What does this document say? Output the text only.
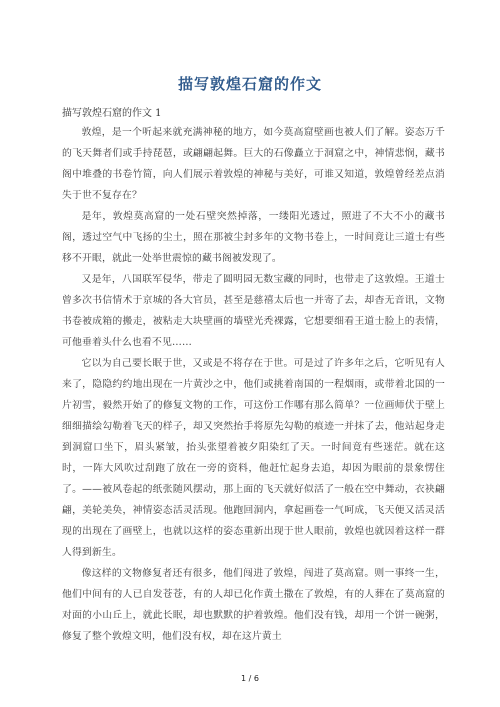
描写敦煌石窟的作文
描写敦煌石窟的作文 1

敦煌，是一个听起来就充满神秘的地方，如今莫高窟壁画也被人们了解。姿态万千的飞天舞者们或手持琵琶，或翩翩起舞。巨大的石像矗立于洞窟之中，神情悲悯，藏书阁中堆叠的书卷竹简，向人们展示着敦煌的神秘与美好，可谁又知道，敦煌曾经差点消失于世不复存在？

是年，敦煌莫高窟的一处石壁突然掉落，一缕阳光透过，照进了不大不小的藏书阁，透过空气中飞扬的尘土，照在那被尘封多年的文物书卷上，一时间竟让三道士有些移不开眼，就此一处举世震惊的藏书阁被发现了。

又是年，八国联军侵华，带走了圆明园无数宝藏的同时，也带走了这敦煌。王道士曾多次书信情术于京城的各大官员，甚至是慈禧太后也一并寄了去，却杳无音讯，文物书卷被成箱的搬走，被粘走大块壁画的墙壁光秃裸露，它想要细看王道士脸上的表情，可他垂着头什么也看不见……

它以为自己要长眠于世，又或是不将存在于世。可是过了许多年之后，它听见有人来了，隐隐约约地出现在一片黄沙之中，他们或挑着南国的一程烟雨，或带着北国的一片初雪，毅然开始了的修复文物的工作，可这份工作哪有那么简单？一位画师伏于壁上细细描绘勾勒着飞天的样子，却又突然抬手将原先勾勒的痕迹一并抹了去，他站起身走到洞窟口坐下，眉头紧皱，抬头张望着被夕阳染红了天。一时间竟有些迷茫。就在这时，一阵大风吹过刮跑了放在一旁的资料，他赶忙起身去追，却因为眼前的景象愣住了。——被风卷起的纸张随风摆动，那上面的飞天就好似活了一般在空中舞动，衣袂翩翩，美轮美奂，神情姿态活灵活现。他跑回洞内，拿起画卷一气呵成，飞天便又活灵活现的出现在了画壁上，也就以这样的姿态重新出现于世人眼前，敦煌也就因着这样一群人得到新生。

像这样的文物修复者还有很多，他们闯进了敦煌，闯进了莫高窟。则一事终一生，他们中间有的人已自发苍苍，有的人却已化作黄土撒在了敦煌，有的人葬在了莫高窟的对面的小山丘上，就此长眠，却也默默的护着敦煌。他们没有钱，却用一个饼一碗粥，修复了整个敦煌文明，他们没有权，却在这片黄土

1 / 6
